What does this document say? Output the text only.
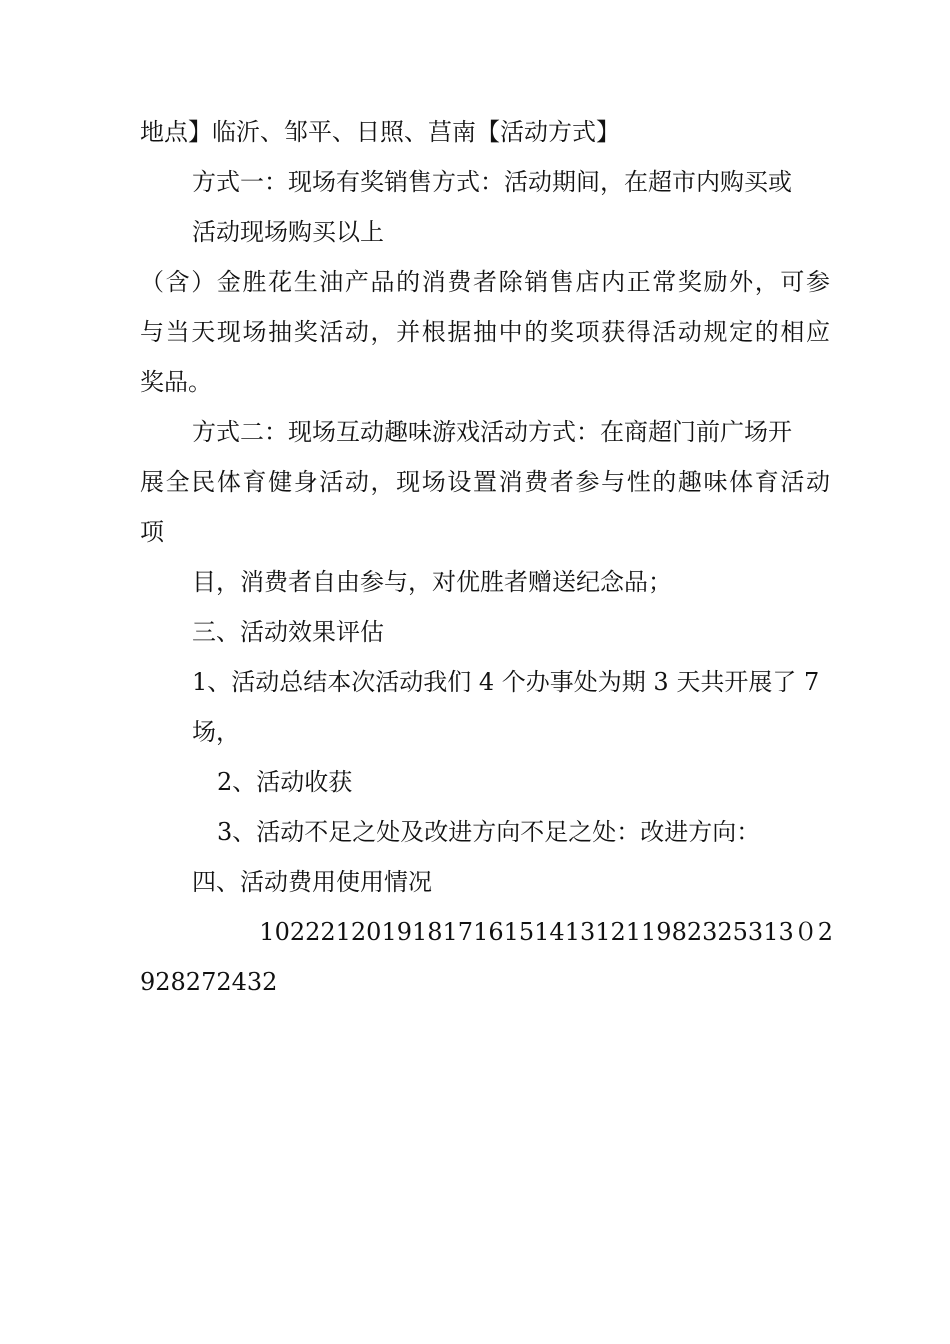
地点】临沂、邹平、日照、莒南【活动方式】
方式一：现场有奖销售方式：活动期间，在超市内购买或
活动现场购买以上
（含）金胜花生油产品的消费者除销售店内正常奖励外，可参
与当天现场抽奖活动，并根据抽中的奖项获得活动规定的相应
奖品。
方式二：现场互动趣味游戏活动方式：在商超门前广场开
展全民体育健身活动，现场设置消费者参与性的趣味体育活动
项
目，消费者自由参与，对优胜者赠送纪念品；
三、活动效果评估
1、活动总结本次活动我们 4 个办事处为期 3 天共开展了 7
场，
2、活动收获
3、活动不足之处及改进方向不足之处：改进方向：
四、活动费用使用情况
10222120191817161514131211982325313０2
928272432
